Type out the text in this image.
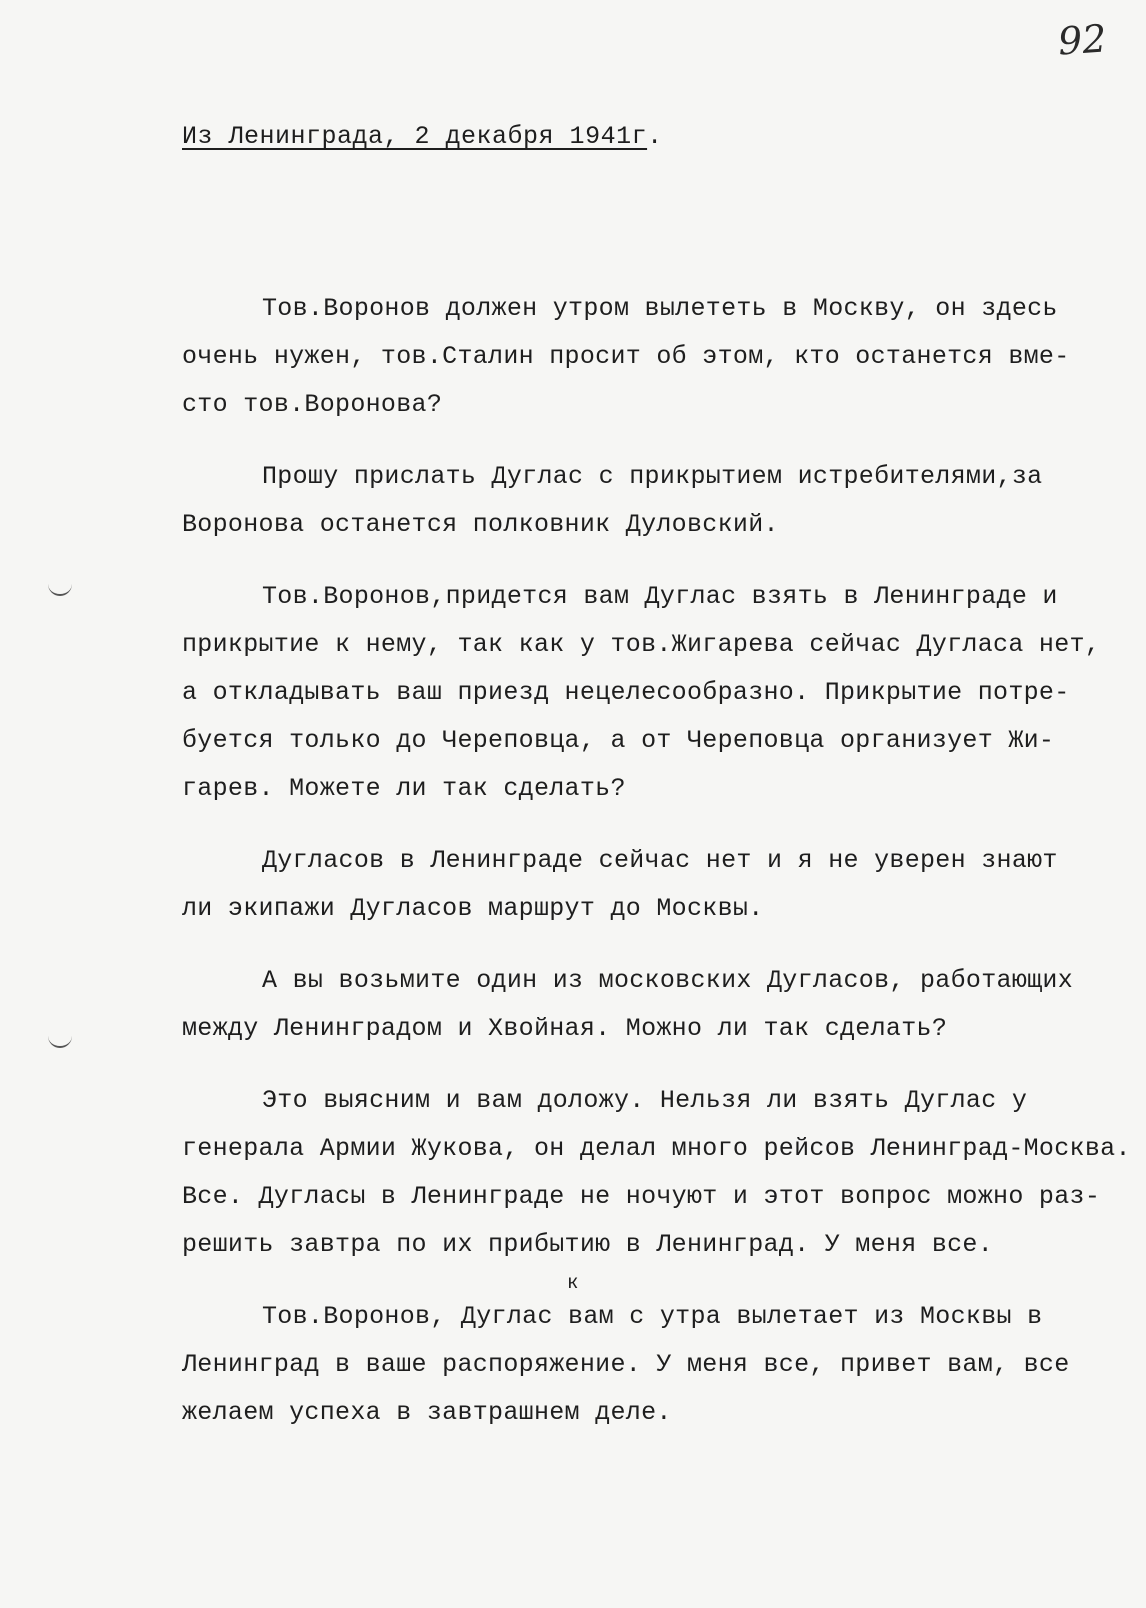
92
Из Ленинграда, 2 декабря 1941г.

Тов.Воронов должен утром вылететь в Москву, он здесь
очень нужен, тов.Сталин просит об этом, кто останется вме-
сто тов.Воронова?

Прошу прислать Дуглас с прикрытием истребителями,за
Воронова останется полковник Дуловский.

Тов.Воронов,придется вам Дуглас взять в Ленинграде и
прикрытие к нему, так как у тов.Жигарева сейчас Дугласа нет,
а откладывать ваш приезд нецелесообразно. Прикрытие потре-
буется только до Череповца, а от Череповца организует Жи-
гарев. Можете ли так сделать?

Дугласов в Ленинграде сейчас нет и я не уверен знают
ли экипажи Дугласов маршрут до Москвы.

А вы возьмите один из московских Дугласов, работающих
между Ленинградом и Хвойная. Можно ли так сделать?

Это выясним и вам доложу. Нельзя ли взять Дуглас у
генерала Армии Жукова, он делал много рейсов Ленинград-Москва.
Все. Дугласы в Ленинграде не ночуют и этот вопрос можно раз-
решить завтра по их прибытию в Ленинград. У меня все.

к
Тов.Воронов, Дуглас вам с утра вылетает из Москвы в
Ленинград в ваше распоряжение. У меня все, привет вам, все
желаем успеха в завтрашнем деле.
